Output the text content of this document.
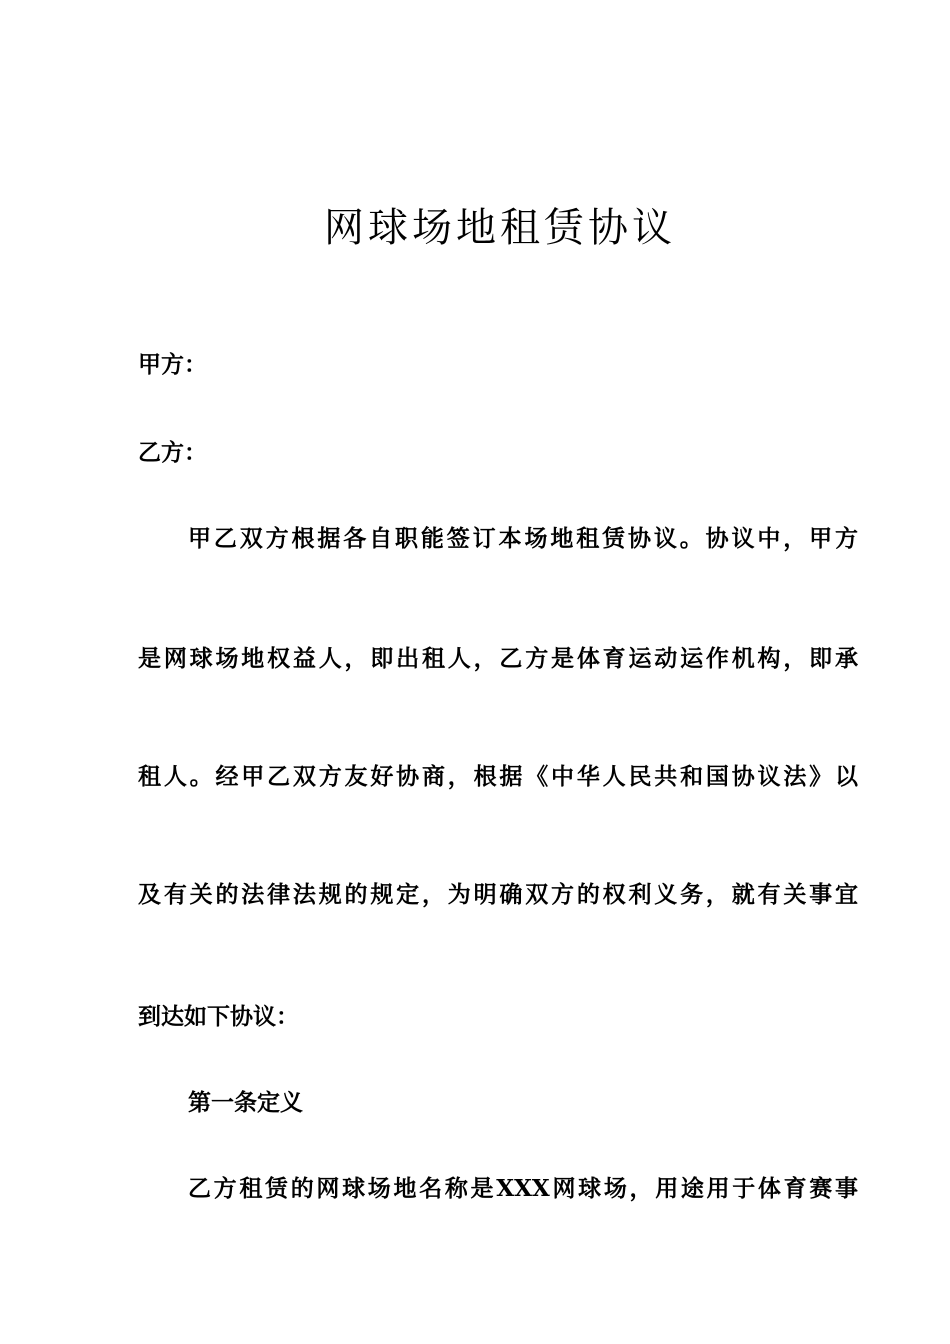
网球场地租赁协议
甲方：
乙方：
甲乙双方根据各自职能签订本场地租赁协议。协议中，甲方
是网球场地权益人，即出租人，乙方是体育运动运作机构，即承
租人。经甲乙双方友好协商，根据《中华人民共和国协议法》以
及有关的法律法规的规定，为明确双方的权利义务，就有关事宜
到达如下协议：
第一条定义
乙方租赁的网球场地名称是XXX网球场，用途用于体育赛事
